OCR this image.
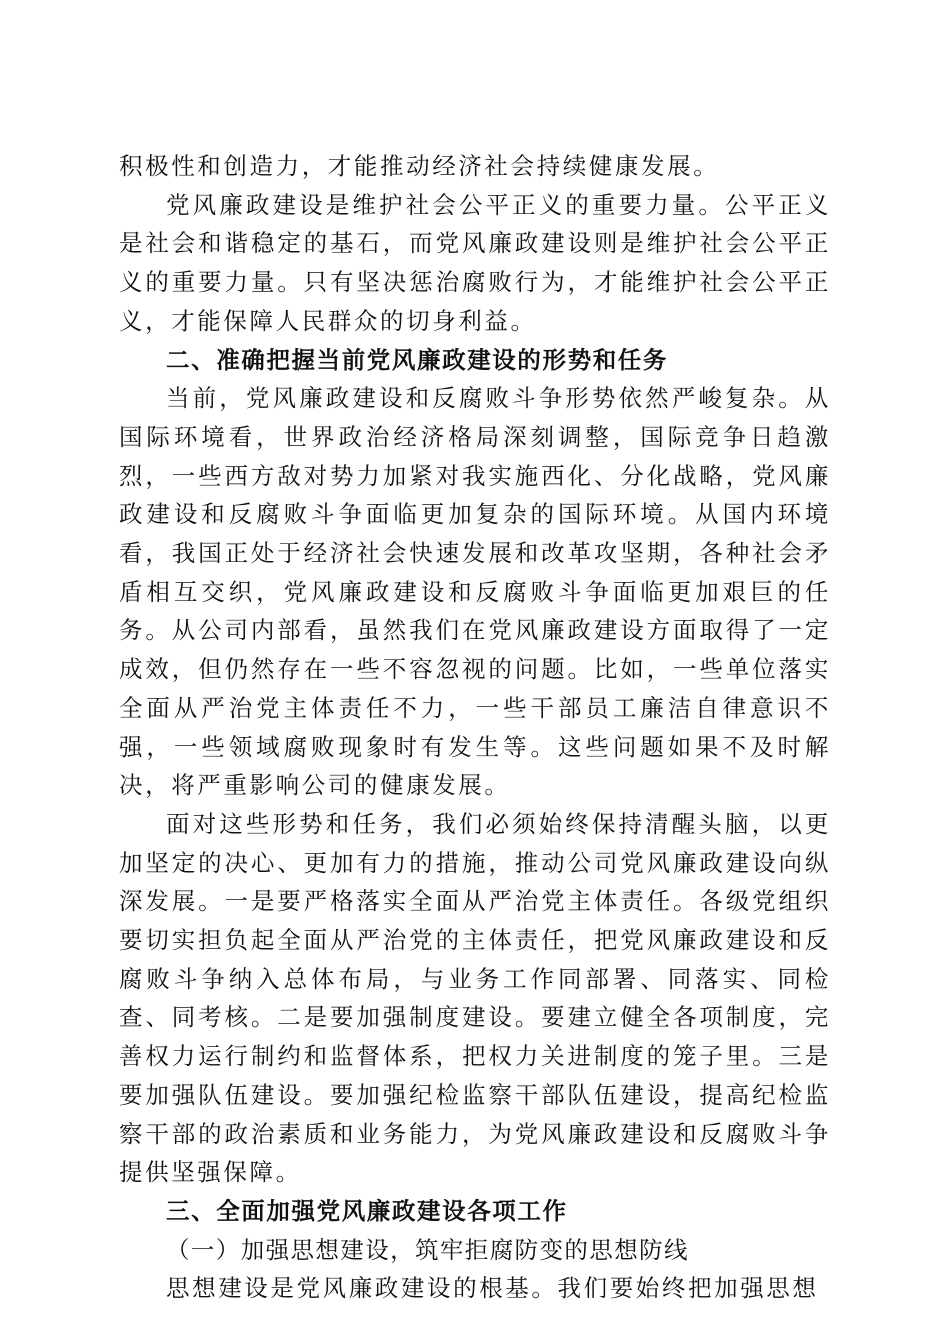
积极性和创造力，才能推动经济社会持续健康发展。

党风廉政建设是维护社会公平正义的重要力量。公平正义是社会和谐稳定的基石，而党风廉政建设则是维护社会公平正义的重要力量。只有坚决惩治腐败行为，才能维护社会公平正义，才能保障人民群众的切身利益。

二、准确把握当前党风廉政建设的形势和任务

当前，党风廉政建设和反腐败斗争形势依然严峻复杂。从国际环境看，世界政治经济格局深刻调整，国际竞争日趋激烈，一些西方敌对势力加紧对我实施西化、分化战略，党风廉政建设和反腐败斗争面临更加复杂的国际环境。从国内环境看，我国正处于经济社会快速发展和改革攻坚期，各种社会矛盾相互交织，党风廉政建设和反腐败斗争面临更加艰巨的任务。从公司内部看，虽然我们在党风廉政建设方面取得了一定成效，但仍然存在一些不容忽视的问题。比如，一些单位落实全面从严治党主体责任不力，一些干部员工廉洁自律意识不强，一些领域腐败现象时有发生等。这些问题如果不及时解决，将严重影响公司的健康发展。

面对这些形势和任务，我们必须始终保持清醒头脑，以更加坚定的决心、更加有力的措施，推动公司党风廉政建设向纵深发展。一是要严格落实全面从严治党主体责任。各级党组织要切实担负起全面从严治党的主体责任，把党风廉政建设和反腐败斗争纳入总体布局，与业务工作同部署、同落实、同检查、同考核。二是要加强制度建设。要建立健全各项制度，完善权力运行制约和监督体系，把权力关进制度的笼子里。三是要加强队伍建设。要加强纪检监察干部队伍建设，提高纪检监察干部的政治素质和业务能力，为党风廉政建设和反腐败斗争提供坚强保障。

三、全面加强党风廉政建设各项工作

（一）加强思想建设，筑牢拒腐防变的思想防线

思想建设是党风廉政建设的根基。我们要始终把加强思想
